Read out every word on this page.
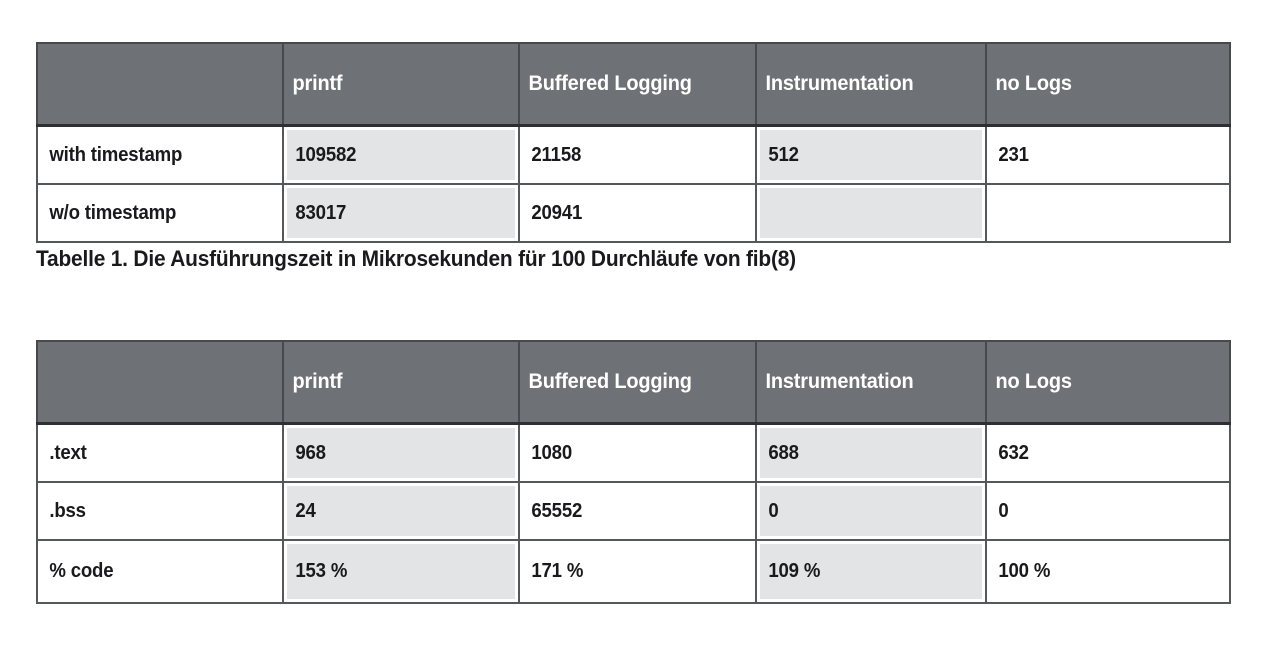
	printf	Buffered Logging	Instrumentation	no Logs
with timestamp	109582	21158	512	231
w/o timestamp	83017	20941		
Tabelle 1. Die Ausführungszeit in Mikrosekunden für 100 Durchläufe von fib(8)
	printf	Buffered Logging	Instrumentation	no Logs
.text	968	1080	688	632
.bss	24	65552	0	0
% code	153 %	171 %	109 %	100 %
